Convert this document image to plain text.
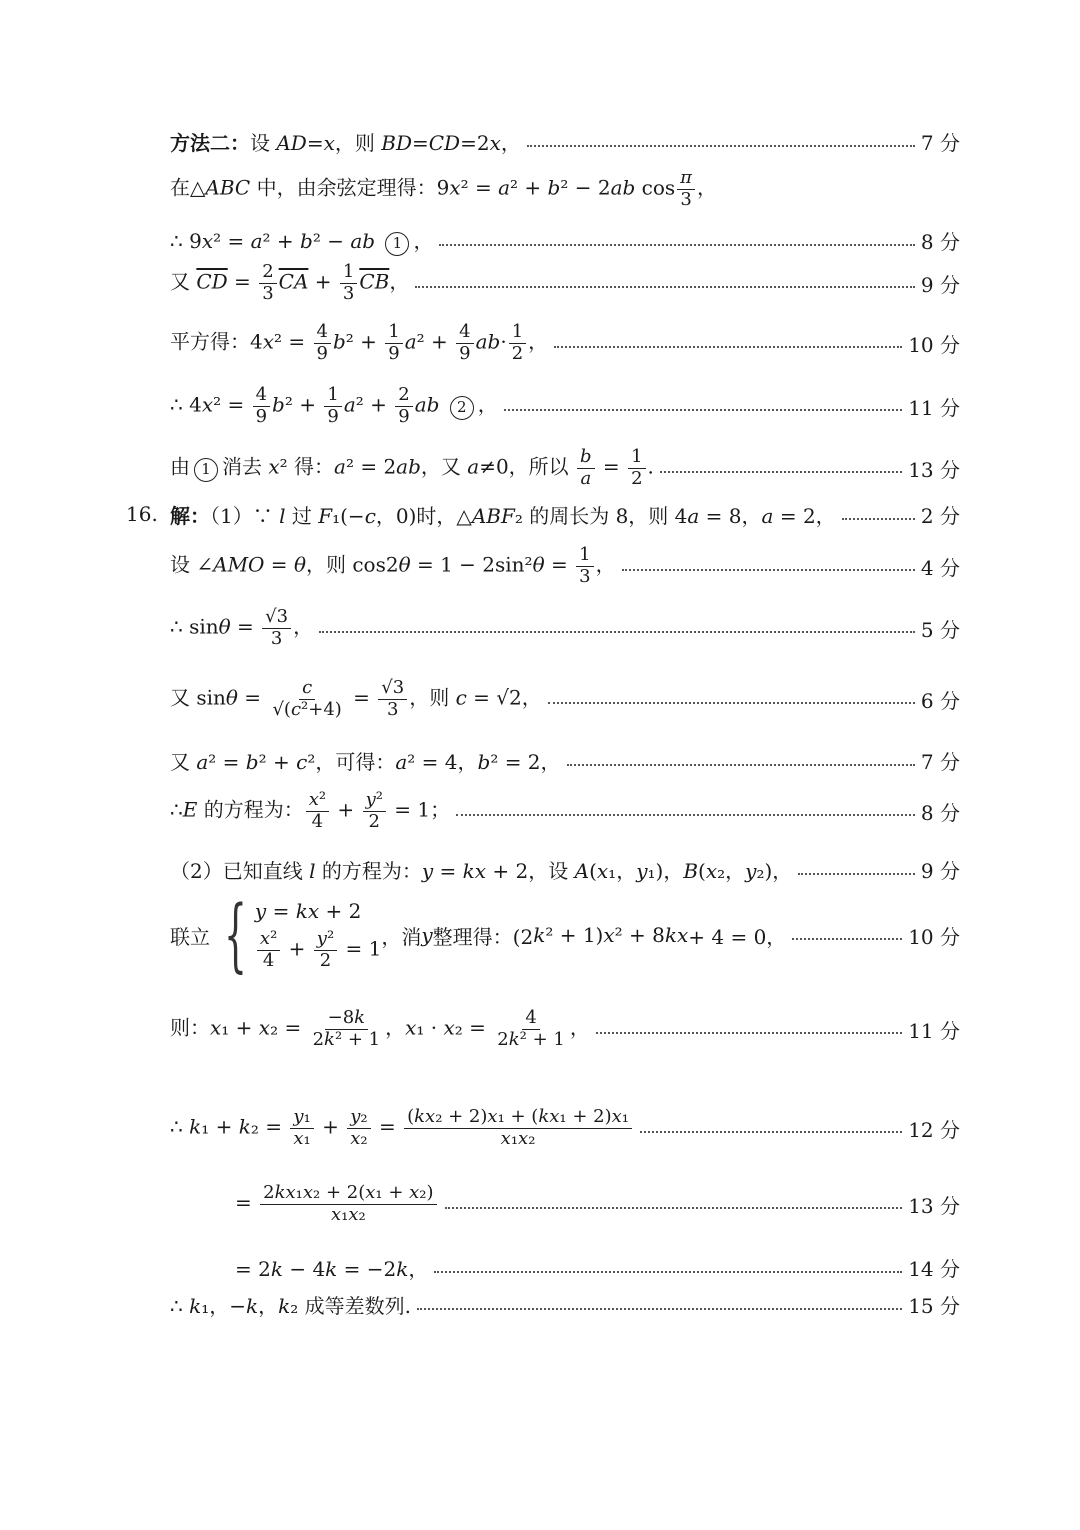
方法二：设 AD=x，则 BD=CD=2x，	7 分
在△ABC 中，由余弦定理得：9x² = a² + b² − 2ab $\cos \frac{\pi}{3}$ ，
∴ 9x² = a² + b² − ab 1 ，	8 分
又 $\overline{CD} = \frac{2}{3} \overline{CA} + \frac{1}{3} \overline{CB}$，	9 分
平方得：$4x^2 = \frac{4}{9} b^2 + \frac{1}{9} a^2 + \frac{4}{9} ab\cdot \frac{1}{2}$ ，	10 分
∴ $4x^2 = \frac{4}{9} b^2 + \frac{1}{9} a^2 + \frac{2}{9}$ ab 2 ，	11 分
由 1 消去 x² 得：a² = 2ab，又 a≠0，所以 $\frac{b}{a} = \frac{1}{2}$ .	13 分
16. 解：（1）∵ l 过 F₁(−c，0)时，△ABF₂ 的周长为 8，则 4a = 8，a = 2，	2 分
设 ∠AMO = θ，则 $\cos 2\theta = 1 - 2\sin^2\theta = \frac{1}{3}$ ，	4 分
∴ $\sin\theta = \frac{√3}{3}$ ，	5 分
又 $\sin\theta = \frac{c}{\text{√(c²+4)}} = \frac{√3}{3}$ ，则 c = √2，	6 分
又 a² = b² + c²，可得：a² = 4，b² = 2，	7 分
∴E 的方程为： $\frac{\text{x²}}{4} + \frac{\text{y²}}{2} = 1$；	8 分
（2）已知直线 l 的方程为：y = kx + 2，设 A(x₁，y₁)，B(x₂，y₂)，	9 分
联立 { y = kx + 2
$\frac{\text{x²}}{4} + \frac{\text{y²}}{2} = 1$ ，消 y 整理得：(2 k ² + 1) x ² + 8 kx + 4 = 0，	10 分
则：$x_1 + x_2 = \frac{-8k}{\text{2k² + 1}}$ ，$x_1 \cdot x_2 = \frac{4}{\text{2k² + 1}}$ ，	11 分
∴ $k_1 + k_2 = \frac{\text{y₁}}{\text{x₁}} + \frac{\text{y₂}}{\text{x₂}} = \frac{\text{(kx₂ + 2)x₁ + (kx₁ + 2)x₁}}{\text{x₁x₂}}$	12 分
= $\frac{\text{2kx₁x₂ + 2(x₁ + x₂)}}{\text{x₁x₂}}$	13 分
= 2k − 4k = −2k，	14 分
∴ k₁，−k，k₂ 成等差数列.	15 分
